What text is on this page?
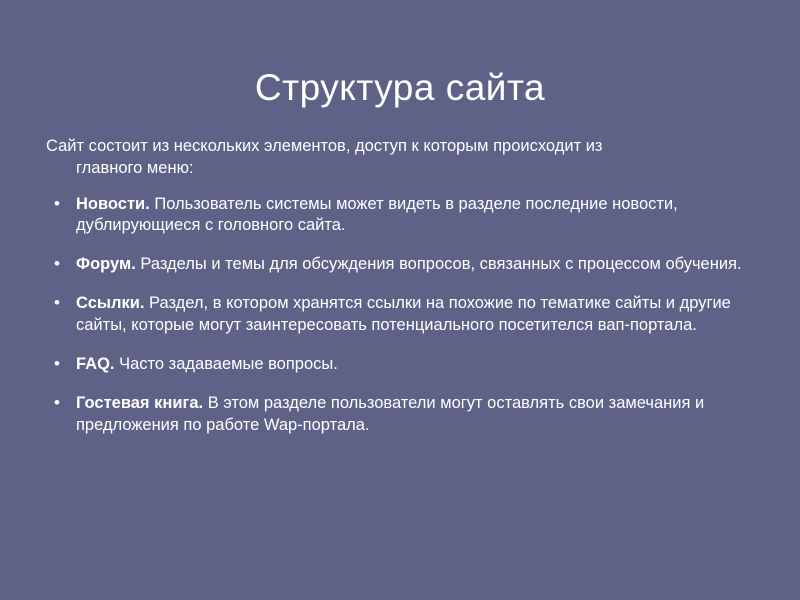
Структура сайта

Сайт состоит из нескольких элементов, доступ к которым происходит из
главного меню:

• Новости. Пользователь системы может видеть в разделе последние новости, дублирующиеся с головного сайта.
• Форум. Разделы и темы для обсуждения вопросов, связанных с процессом обучения.
• Ссылки. Раздел, в котором хранятся ссылки на похожие по тематике сайты и другие сайты, которые могут заинтересовать потенциального посетителся вап-портала.
• FAQ. Часто задаваемые вопросы.
• Гостевая книга. В этом разделе пользователи могут оставлять свои замечания и предложения по работе Wap-портала.
